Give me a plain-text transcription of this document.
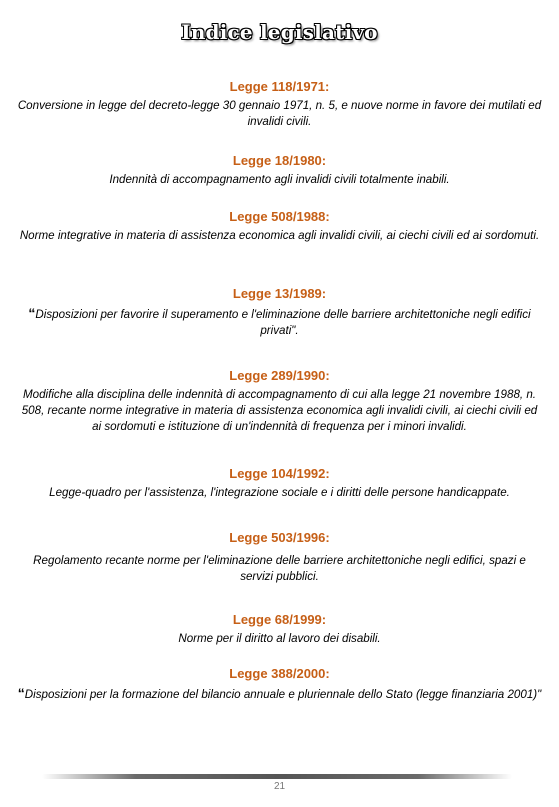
Indice legislativo
Legge 118/1971:
Conversione in legge del decreto-legge 30 gennaio 1971, n. 5, e nuove norme in favore dei mutilati ed invalidi civili.
Legge 18/1980:
Indennità di accompagnamento agli invalidi civili totalmente inabili.
Legge 508/1988:
Norme integrative in materia di assistenza economica agli invalidi civili, ai ciechi civili ed ai sordomuti.
Legge 13/1989:
“Disposizioni per favorire il superamento e l'eliminazione delle barriere architettoniche negli edifici privati".
Legge 289/1990:
Modifiche alla disciplina delle indennità di accompagnamento di cui alla legge 21 novembre 1988, n. 508, recante norme integrative in materia di assistenza economica agli invalidi civili, ai ciechi civili ed ai sordomuti e istituzione di un'indennità di frequenza per i minori invalidi.
Legge 104/1992:
Legge-quadro per l'assistenza, l'integrazione sociale e i diritti delle persone handicappate.
Legge 503/1996:
Regolamento recante norme per l'eliminazione delle barriere architettoniche negli edifici, spazi e servizi pubblici.
Legge 68/1999:
Norme per il diritto al lavoro dei disabili.
Legge 388/2000:
“Disposizioni per la formazione del bilancio annuale e pluriennale dello Stato (legge finanziaria 2001)"
21
